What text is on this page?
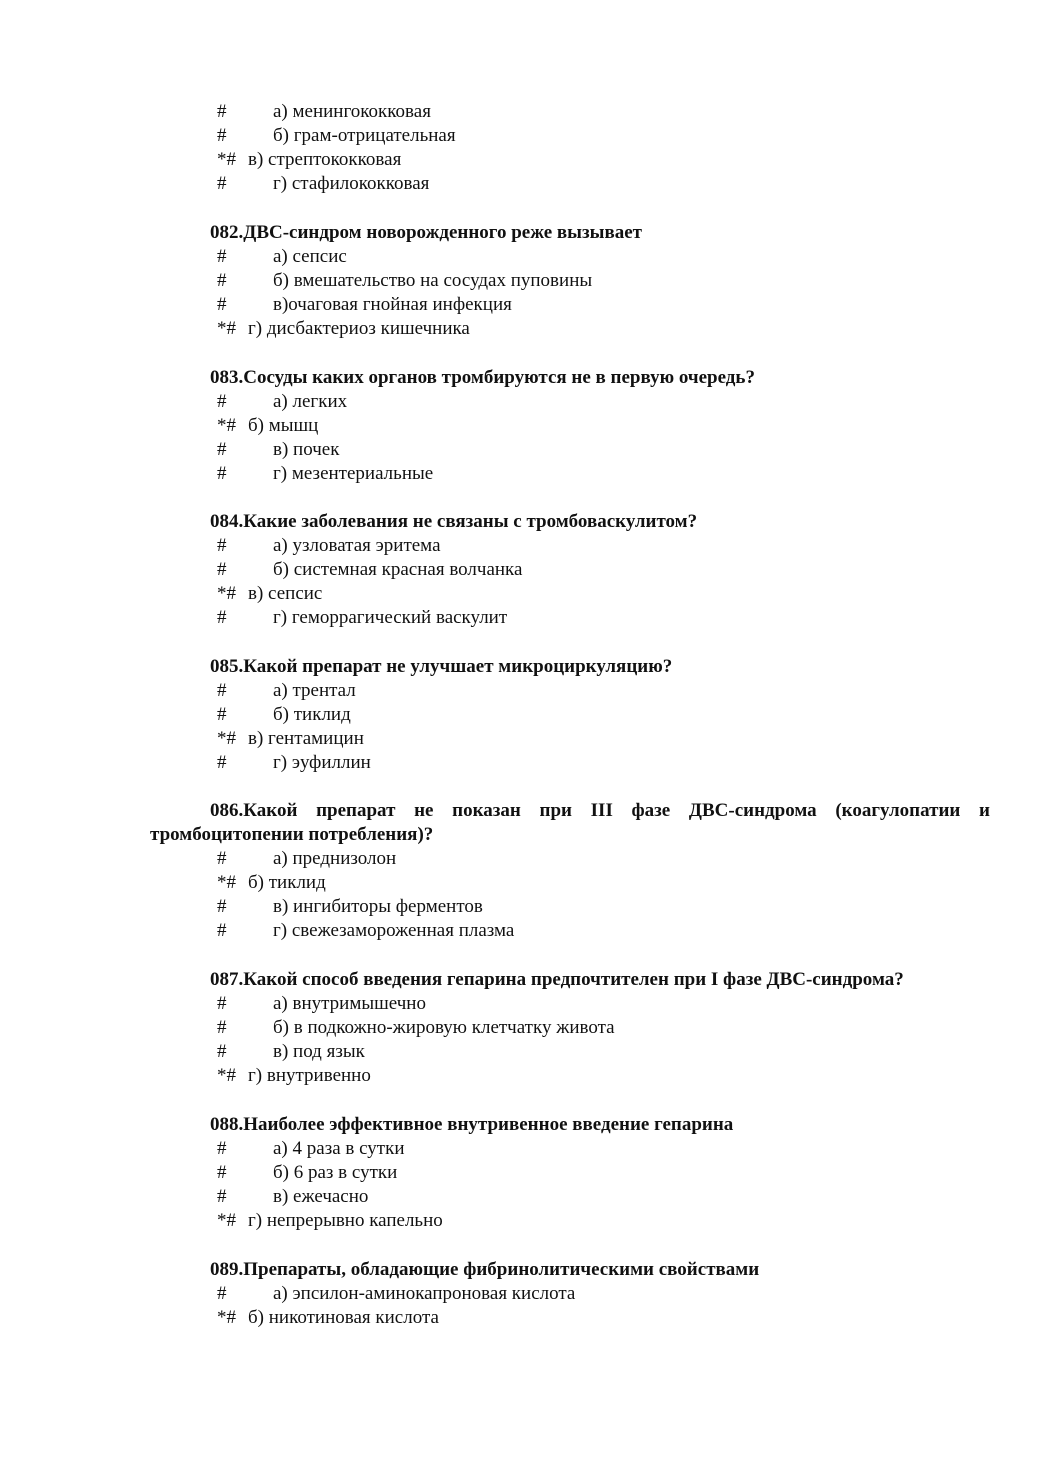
# а) менингококковая
# б) грам-отрицательная
*# в) стрептококковая
# г) стафилококковая

082.ДВС-синдром новорожденного реже вызывает

# а) сепсис
# б) вмешательство на сосудах пуповины
# в)очаговая гнойная инфекция
*# г) дисбактериоз кишечника

083.Сосуды каких органов тромбируются не в первую очередь?

# а) легких
*# б) мышц
# в) почек
# г) мезентериальные

084.Какие заболевания не связаны с тромбоваскулитом?

# а) узловатая эритема
# б) системная красная волчанка
*# в) сепсис
# г) геморрагический васкулит

085.Какой препарат не улучшает микроциркуляцию?

# а) трентал
# б) тиклид
*# в) гентамицин
# г) эуфиллин

086.Какой препарат не показан при III фазе ДВС-синдрома (коагулопатии и тромбоцитопении потребления)?

# а) преднизолон
*# б) тиклид
# в) ингибиторы ферментов
# г) свежезамороженная плазма

087.Какой способ введения гепарина предпочтителен при I фазе ДВС-синдрома?

# а) внутримышечно
# б) в подкожно-жировую клетчатку живота
# в) под язык
*# г) внутривенно

088.Наиболее эффективное внутривенное введение гепарина

# а) 4 раза в сутки
# б) 6 раз в сутки
# в) ежечасно
*# г) непрерывно капельно

089.Препараты, обладающие фибринолитическими свойствами

# а) эпсилон-аминокапроновая кислота
*# б) никотиновая кислота
